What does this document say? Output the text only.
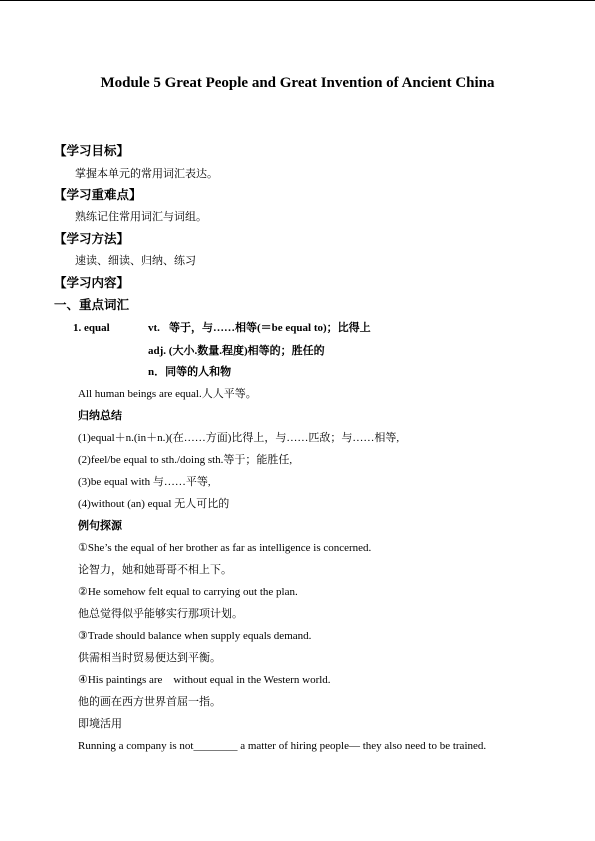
Module 5 Great People and Great Invention of Ancient China
【学习目标】
掌握本单元的常用词汇表达。
【学习重难点】
熟练记住常用词汇与词组。
【学习方法】
速读、细读、归纳、练习
【学习内容】
一、重点词汇
1. equal	vt. 等于，与……相等(＝be equal to)；比得上
adj. (大小.数量.程度)相等的；胜任的
n．同等的人和物
All human beings are equal.人人平等。
归纳总结
(1)equal＋n.(in＋n.)(在……方面)比得上，与……匹敌；与……相等,
(2)feel/be equal to sth./doing sth.等于；能胜任,
(3)be equal with 与……平等,
(4)without (an) equal 无人可比的
例句探源
①She’s the equal of her brother as far as intelligence is concerned.
论智力，她和她哥哥不相上下。
②He somehow felt equal to carrying out the plan.
他总觉得似乎能够实行那项计划。
③Trade should balance when supply equals demand.
供需相当时贸易便达到平衡。
④His paintings are    without equal in the Western world.
他的画在西方世界首屈一指。
即境活用
Running a company is not________ a matter of hiring people— they also need to be trained.
